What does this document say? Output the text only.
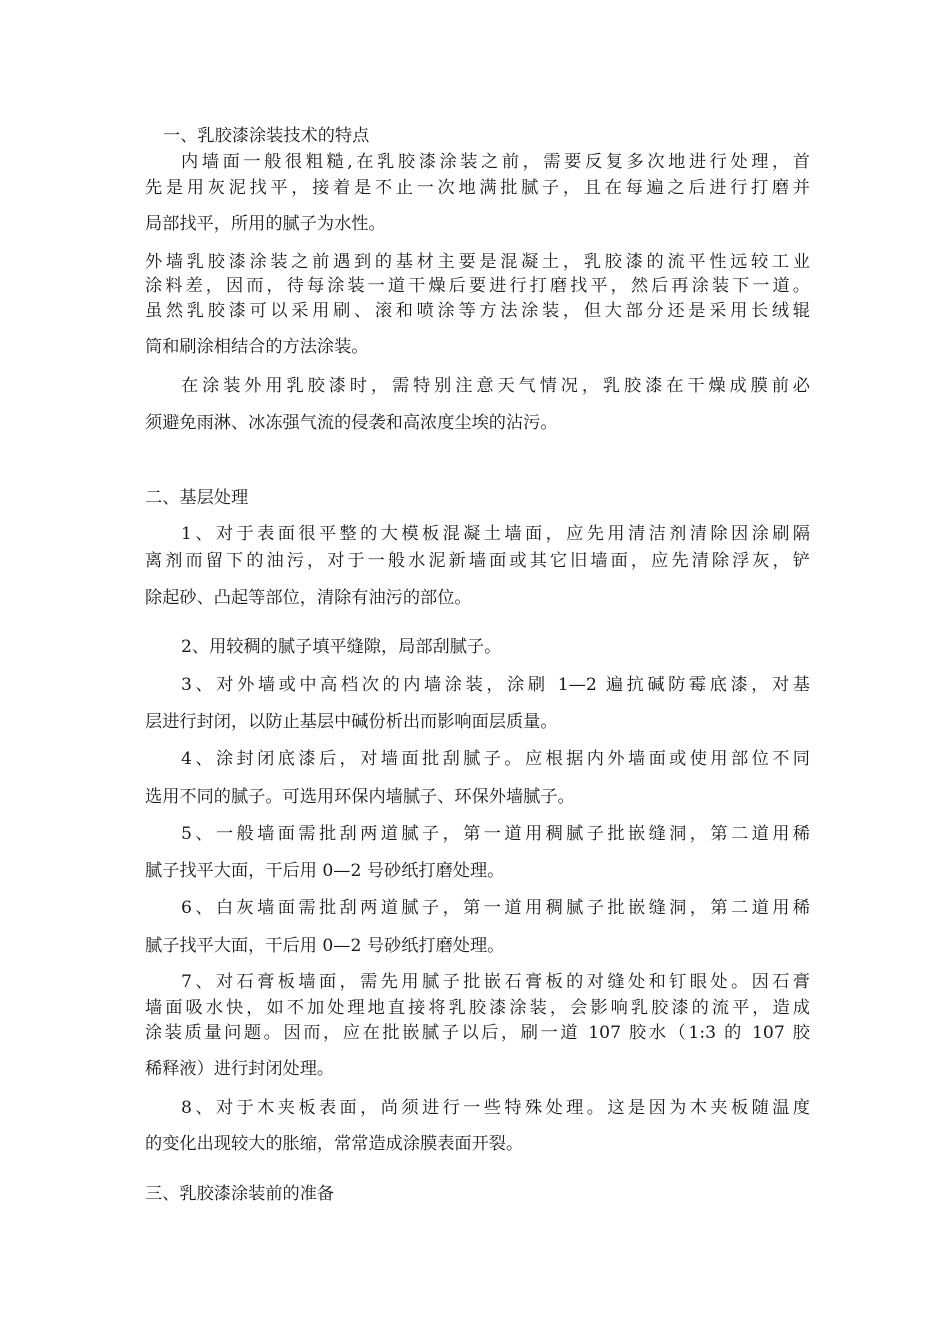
一、乳胶漆涂装技术的特点
内墙面一般很粗糙,在乳胶漆涂装之前，需要反复多次地进行处理，首
先是用灰泥找平，接着是不止一次地满批腻子，且在每遍之后进行打磨并
局部找平，所用的腻子为水性。
外墙乳胶漆涂装之前遇到的基材主要是混凝土，乳胶漆的流平性远较工业
涂料差，因而，待每涂装一道干燥后要进行打磨找平，然后再涂装下一道。
虽然乳胶漆可以采用刷、滚和喷涂等方法涂装，但大部分还是采用长绒辊
筒和刷涂相结合的方法涂装。
在涂装外用乳胶漆时，需特别注意天气情况，乳胶漆在干燥成膜前必
须避免雨淋、冰冻强气流的侵袭和高浓度尘埃的沾污。
二、基层处理
1、对于表面很平整的大模板混凝土墙面，应先用清洁剂清除因涂刷隔
离剂而留下的油污，对于一般水泥新墙面或其它旧墙面，应先清除浮灰，铲
除起砂、凸起等部位，清除有油污的部位。
2、用较稠的腻子填平缝隙，局部刮腻子。
3、对外墙或中高档次的内墙涂装，涂刷 1—2 遍抗碱防霉底漆，对基
层进行封闭，以防止基层中碱份析出而影响面层质量。
4、涂封闭底漆后，对墙面批刮腻子。应根据内外墙面或使用部位不同
选用不同的腻子。可选用环保内墙腻子、环保外墙腻子。
5、一般墙面需批刮两道腻子，第一道用稠腻子批嵌缝洞，第二道用稀
腻子找平大面，干后用 0—2 号砂纸打磨处理。
6、白灰墙面需批刮两道腻子，第一道用稠腻子批嵌缝洞，第二道用稀
腻子找平大面，干后用 0—2 号砂纸打磨处理。
7、对石膏板墙面，需先用腻子批嵌石膏板的对缝处和钉眼处。因石膏
墙面吸水快，如不加处理地直接将乳胶漆涂装，会影响乳胶漆的流平，造成
涂装质量问题。因而，应在批嵌腻子以后，刷一道 107 胶水（1:3 的 107 胶
稀释液）进行封闭处理。
8、对于木夹板表面，尚须进行一些特殊处理。这是因为木夹板随温度
的变化出现较大的胀缩，常常造成涂膜表面开裂。
三、乳胶漆涂装前的准备
